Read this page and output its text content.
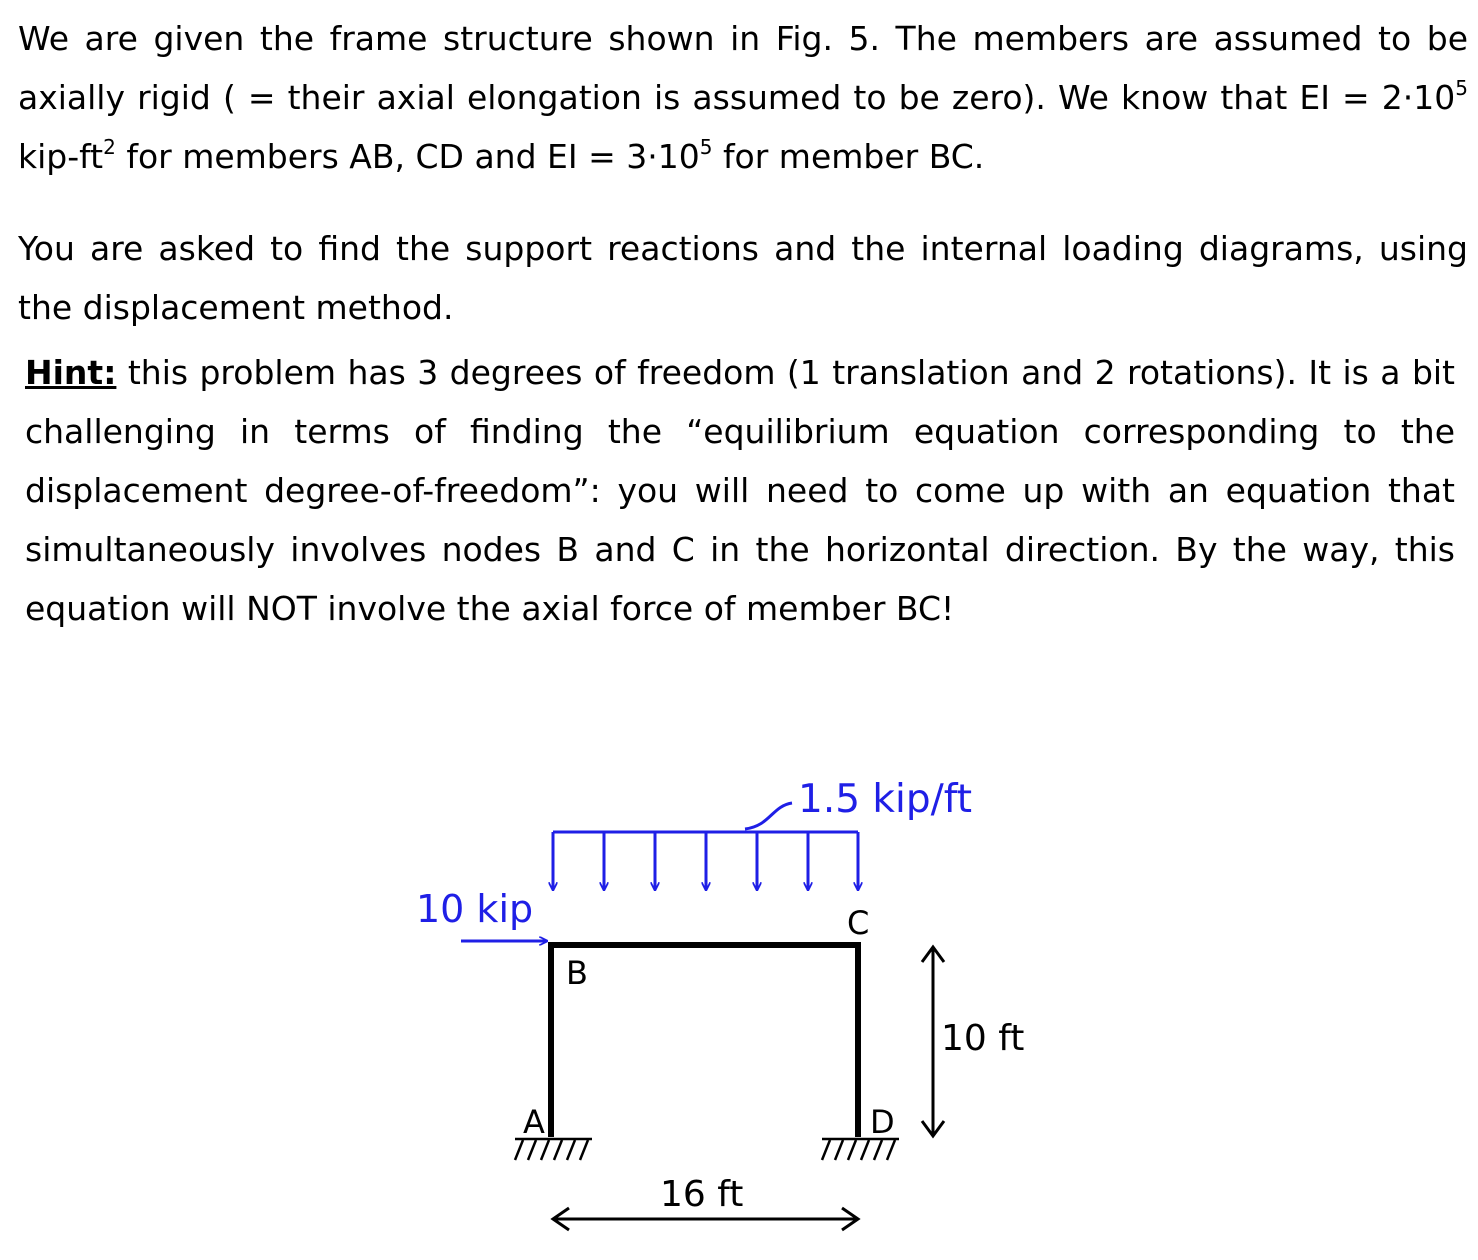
We are given the frame structure shown in Fig. 5. The members are assumed to be axially rigid ( = their axial elongation is assumed to be zero). We know that EI = $2\cdot 10^5$ kip-$ft^2$ for members AB, CD and EI = $3\cdot 10^5$ for member BC.

You are asked to find the support reactions and the internal loading diagrams, using the displacement method.

Hint: this problem has 3 degrees of freedom (1 translation and 2 rotations). It is a bit challenging in terms of finding the “equilibrium equation corresponding to the displacement degree-of-freedom”: you will need to come up with an equation that simultaneously involves nodes B and C in the horizontal direction. By the way, this equation will NOT involve the axial force of member BC!

1.5 kip/ft
10 kip
B
C
A	D
10 ft
16 ft
